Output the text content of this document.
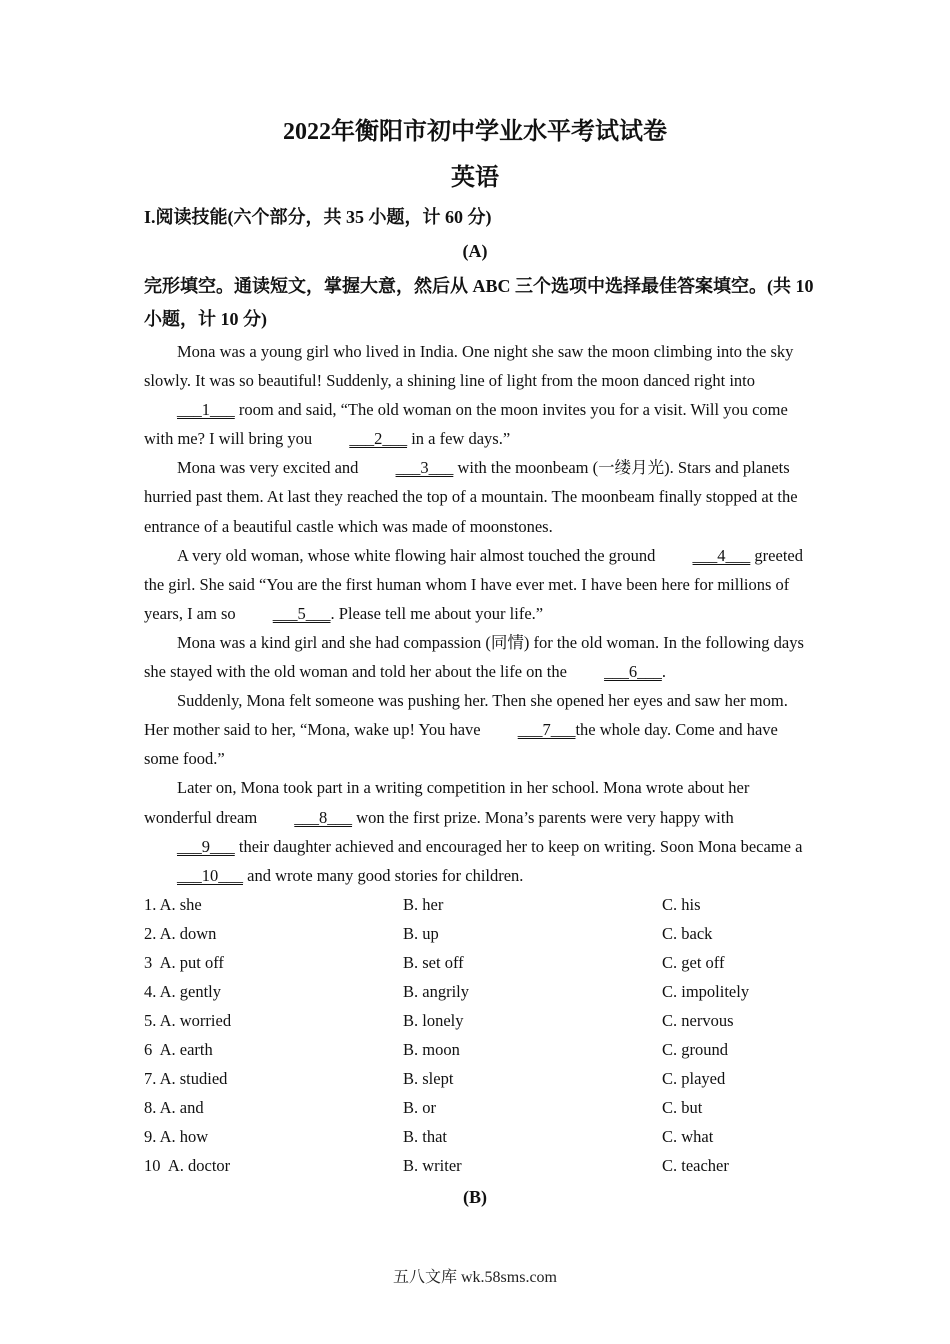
2022年衡阳市初中学业水平考试试卷
英语
I.阅读技能(六个部分，共 35 小题，计 60 分)
(A)
完形填空。通读短文，掌握大意，然后从 ABC 三个选项中选择最佳答案填空。(共 10 小题，计 10 分)

Mona was a young girl who lived in India. One night she saw the moon climbing into the sky slowly. It was so beautiful! Suddenly, a shining line of light from the moon danced right into ___1___ room and said, “The old woman on the moon invites you for a visit. Will you come with me? I will bring you ___2___ in a few days.”

Mona was very excited and ___3___ with the moonbeam (一缕月光). Stars and planets hurried past them. At last they reached the top of a mountain. The moonbeam finally stopped at the entrance of a beautiful castle which was made of moonstones.

A very old woman, whose white flowing hair almost touched the ground ___4___ greeted the girl. She said “You are the first human whom I have ever met. I have been here for millions of years, I am so ___5___. Please tell me about your life.”

Mona was a kind girl and she had compassion (同情) for the old woman. In the following days she stayed with the old woman and told her about the life on the ___6___.

Suddenly, Mona felt someone was pushing her. Then she opened her eyes and saw her mom. Her mother said to her, “Mona, wake up! You have ___7___the whole day. Come and have some food.”

Later on, Mona took part in a writing competition in her school. Mona wrote about her wonderful dream ___8___ won the first prize. Mona’s parents were very happy with ___9___ their daughter achieved and encouraged her to keep on writing. Soon Mona became a ___10___ and wrote many good stories for children.

1. A. she	B. her	C. his
2. A. down	B. up	C. back
3  A. put off	B. set off	C. get off
4. A. gently	B. angrily	C. impolitely
5. A. worried	B. lonely	C. nervous
6  A. earth	B. moon	C. ground
7. A. studied	B. slept	C. played
8. A. and	B. or	C. but
9. A. how	B. that	C. what
10  A. doctor	B. writer	C. teacher
(B)
五八文库 wk.58sms.com
